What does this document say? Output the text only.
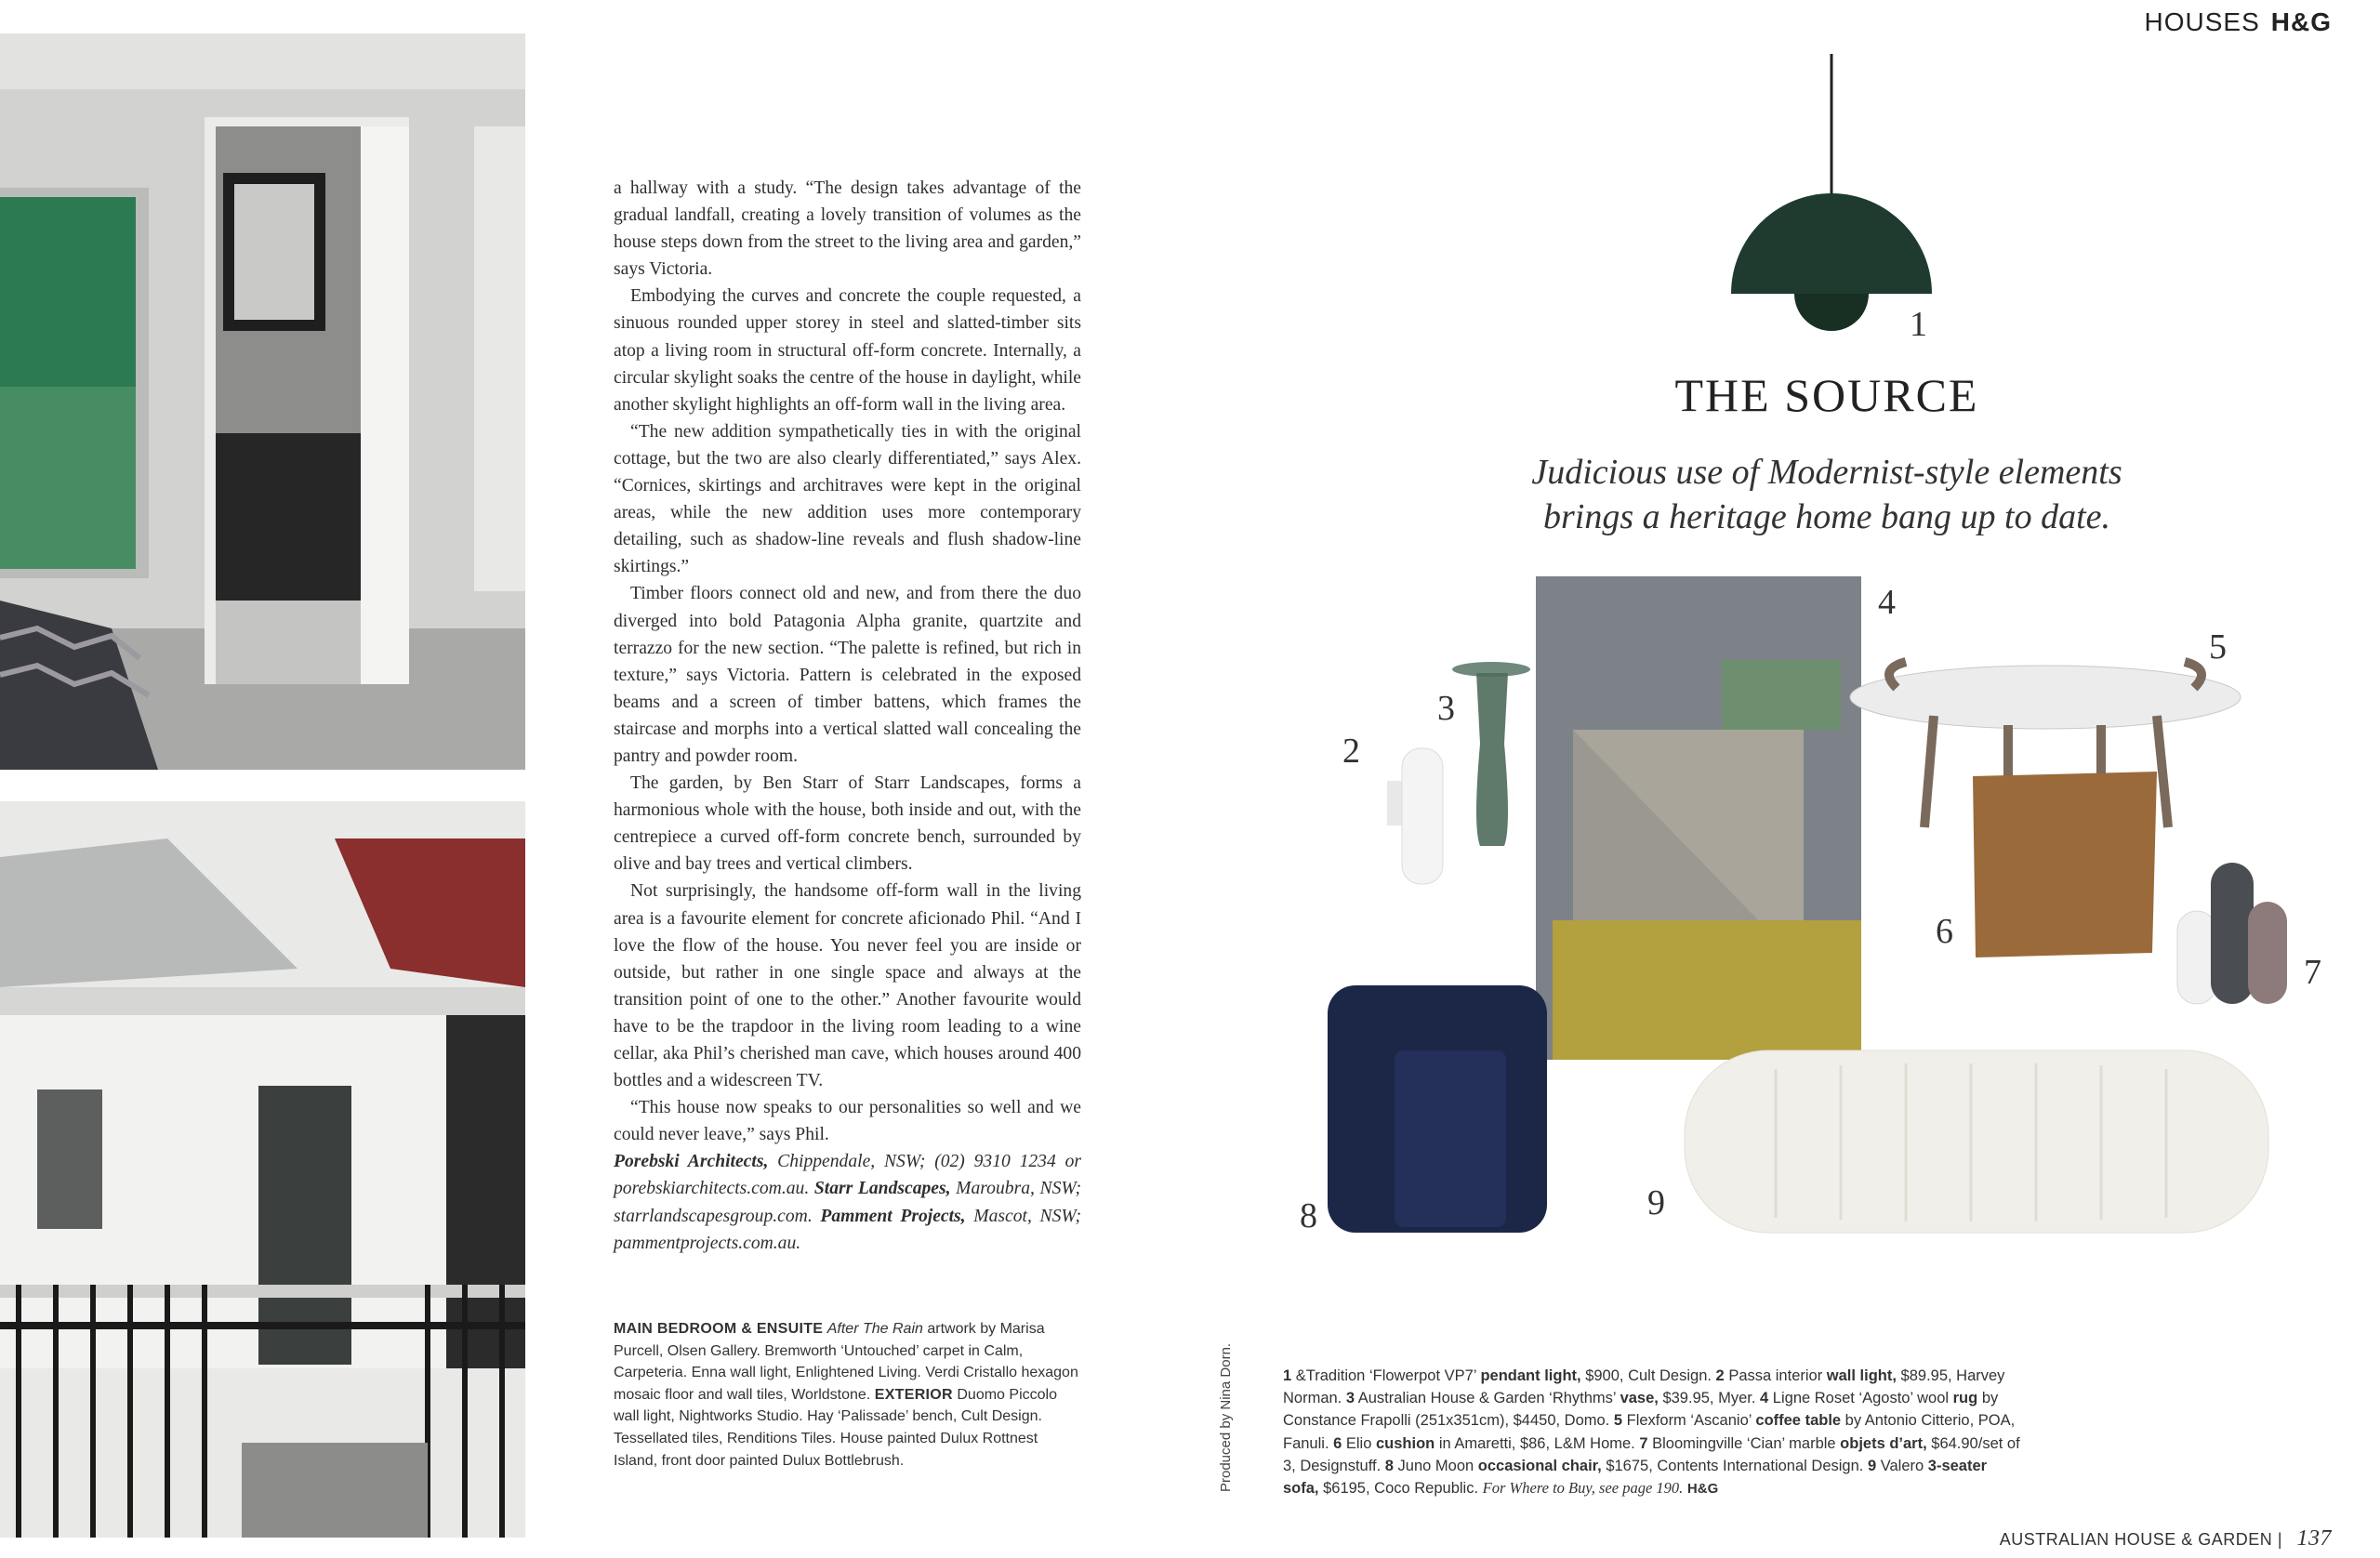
HOUSES H&G

a hallway with a study. “The design takes advantage of the gradual landfall, creating a lovely transition of volumes as the house steps down from the street to the living area and garden,” says Victoria.

Embodying the curves and concrete the couple requested, a sinuous rounded upper storey in steel and slatted-timber sits atop a living room in structural off-form concrete. Internally, a circular skylight soaks the centre of the house in daylight, while another skylight highlights an off-form wall in the living area.

“The new addition sympathetically ties in with the original cottage, but the two are also clearly differentiated,” says Alex. “Cornices, skirtings and architraves were kept in the original areas, while the new addition uses more contemporary detailing, such as shadow-line reveals and flush shadow-line skirtings.”

Timber floors connect old and new, and from there the duo diverged into bold Patagonia Alpha granite, quartzite and terrazzo for the new section. “The palette is refined, but rich in texture,” says Victoria. Pattern is celebrated in the exposed beams and a screen of timber battens, which frames the staircase and morphs into a vertical slatted wall concealing the pantry and powder room.

The garden, by Ben Starr of Starr Landscapes, forms a harmonious whole with the house, both inside and out, with the centrepiece a curved off-form concrete bench, surrounded by olive and bay trees and vertical climbers.

Not surprisingly, the handsome off-form wall in the living area is a favourite element for concrete aficionado Phil. “And I love the flow of the house. You never feel you are inside or outside, but rather in one single space and always at the transition point of one to the other.” Another favourite would have to be the trapdoor in the living room leading to a wine cellar, aka Phil’s cherished man cave, which houses around 400 bottles and a widescreen TV.

“This house now speaks to our personalities so well and we could never leave,” says Phil.

Porebski Architects, Chippendale, NSW; (02) 9310 1234 or porebskiarchitects.com.au. Starr Landscapes, Maroubra, NSW; starrlandscapesgroup.com. Pamment Projects, Mascot, NSW; pammentprojects.com.au.

MAIN BEDROOM & ENSUITE After The Rain artwork by Marisa Purcell, Olsen Gallery. Bremworth ‘Untouched’ carpet in Calm, Carpeteria. Enna wall light, Enlightened Living. Verdi Cristallo hexagon mosaic floor and wall tiles, Worldstone. EXTERIOR Duomo Piccolo wall light, Nightworks Studio. Hay ‘Palissade’ bench, Cult Design. Tessellated tiles, Renditions Tiles. House painted Dulux Rottnest Island, front door painted Dulux Bottlebrush.	Produced by Nina Dorn.
THE SOURCE
Judicious use of Modernist-style elements
brings a heritage home bang up to date.
1
2
3
4
5
6
7
8	9
1 &Tradition ‘Flowerpot VP7’ pendant light, $900, Cult Design. 2 Passa interior wall light, $89.95, Harvey Norman. 3 Australian House & Garden ‘Rhythms’ vase, $39.95, Myer. 4 Ligne Roset ‘Agosto’ wool rug by Constance Frapolli (251x351cm), $4450, Domo. 5 Flexform ‘Ascanio’ coffee table by Antonio Citterio, POA, Fanuli. 6 Elio cushion in Amaretti, $86, L&M Home. 7 Bloomingville ‘Cian’ marble objets d’art, $64.90/set of 3, Designstuff. 8 Juno Moon occasional chair, $1675, Contents International Design. 9 Valero 3-seater sofa, $6195, Coco Republic. For Where to Buy, see page 190. H&G
AUSTRALIAN HOUSE & GARDEN | 137
